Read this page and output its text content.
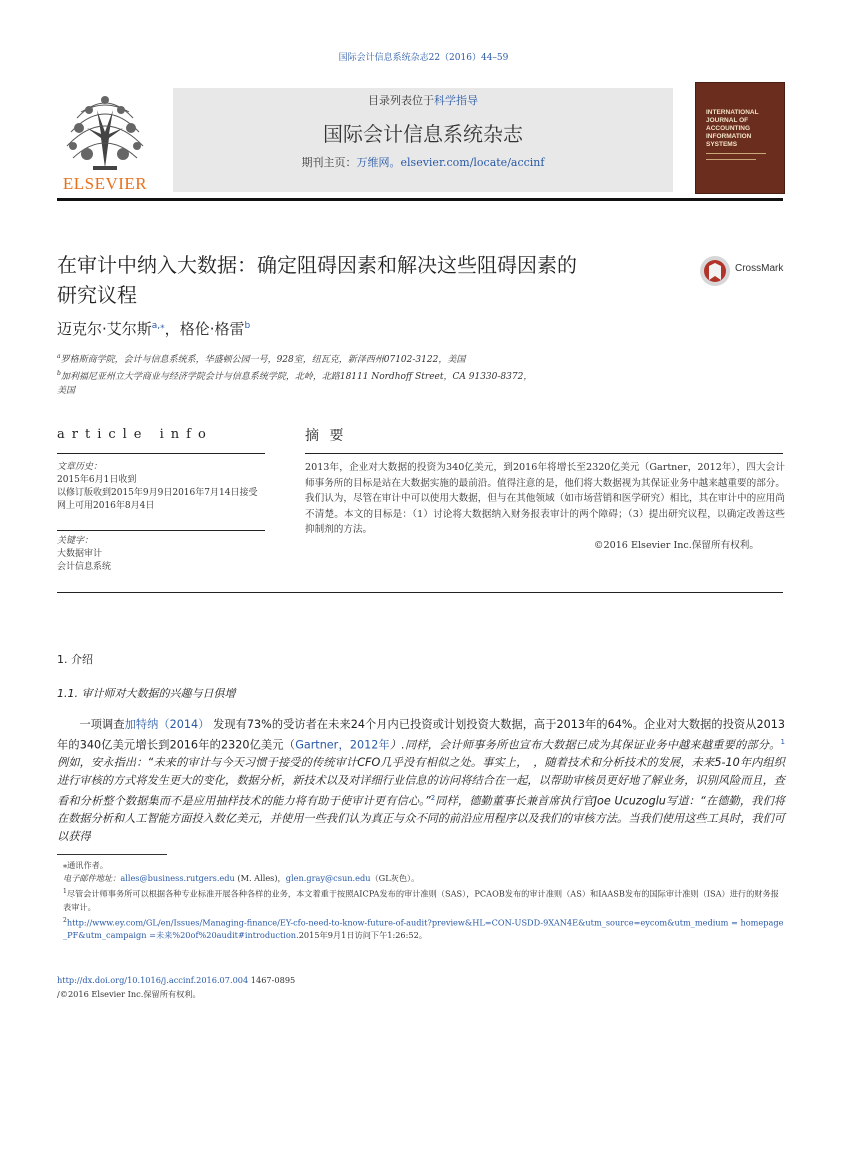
国际会计信息系统杂志22（2016）44–59
ELSEVIER
目录列表位于科学指导
国际会计信息系统杂志
期刊主页：万维网。elsevier.com/locate/accinf
INTERNATIONAL JOURNAL OF ACCOUNTING INFORMATION SYSTEMS
在审计中纳入大数据：确定阻碍因素和解决这些阻碍因素的
研究议程
CrossMark
迈克尔·艾尔斯$^{a,⁎}$，格伦·格雷$^b$
$^a$罗格斯商学院，会计与信息系统系，华盛顿公园一号，928室，纽瓦克，新泽西州07102-3122，美国
$^b$加利福尼亚州立大学商业与经济学院会计与信息系统学院，北岭，北路18111 Nordhoff Street，CA 91330-8372，
美国
article info
文章历史：
2015年6月1日收到
以修订版收到2015年9月9日2016年7月14日接受
网上可用2016年8月4日
关键字：
大数据审计
会计信息系统
摘 要
2013年，企业对大数据的投资为340亿美元，到2016年将增长至2320亿美元（Gartner，2012年），四大会计师事务所的目标是站在大数据实施的最前沿。值得注意的是，他们将大数据视为其保证业务中越来越重要的部分。我们认为，尽管在审计中可以使用大数据，但与在其他领域（如市场营销和医学研究）相比，其在审计中的应用尚不清楚。本文的目标是：（1）讨论将大数据纳入财务报表审计的两个障碍；（3）提出研究议程，以确定改善这些抑制剂的方法。
©2016 Elsevier Inc.保留所有权利。
1. 介绍
1.1. 审计师对大数据的兴趣与日俱增
　　一项调查加特纳（2014） 发现有73%的受访者在未来24个月内已投资或计划投资大数据，高于2013年的64%。企业对大数据的投资从2013年的340亿美元增长到2016年的2320亿美元（Gartner，2012年）.同样，会计师事务所也宣布大数据已成为其保证业务中越来越重要的部分。$^1$例如，安永指出：“未来的审计与今天习惯于接受的传统审计CFO几乎没有相似之处。事实上，　，随着技术和分析技术的发展，未来5-10年内组织进行审核的方式将发生更大的变化，数据分析，新技术以及对详细行业信息的访问将结合在一起，以帮助审核员更好地了解业务，识别风险而且，查看和分析整个数据集而不是应用抽样技术的能力将有助于使审计更有信心。”$^2$同样，德勤董事长兼首席执行官Joe Ucuzoglu写道：“在德勤，我们将在数据分析和人工智能方面投入数亿美元，并使用一些我们认为真正与众不同的前沿应用程序以及我们的审核方法。当我们使用这些工具时，我们可以获得
⁎通讯作者。
电子邮件地址：alles@business.rutgers.edu (M. Alles)，glen.gray@csun.edu（GL灰色）。
$^1$尽管会计师事务所可以根据各种专业标准开展各种各样的业务，本文着重于按照AICPA发布的审计准则（SAS），PCAOB发布的审计准则（AS）和IAASB发布的国际审计准则（ISA）进行的财务报表审计。
$^2$http://www.ey.com/GL/en/Issues/Managing-finance/EY-cfo-need-to-know-future-of-audit?preview&HL=CON-USDD-9XAN4E&utm_source=eycom&utm_medium = homepage_PF&utm_campaign =未来%20of%20audit#introduction.2015年9月1日访问下午1:26:52。
http://dx.doi.org/10.1016/j.accinf.2016.07.004 1467-0895 /©2016 Elsevier Inc.保留所有权利。
